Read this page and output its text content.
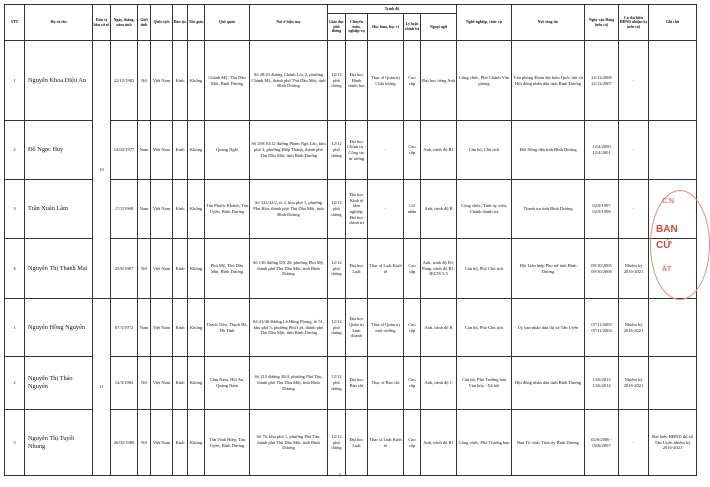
STT	Họ và tên	Đơn vị bầu cử số	Ngày, tháng, năm sinh	Giới tính	Quốc tịch	Dân tộc	Tôn giáo	Quê quán	Nơi ở hiện nay	Trình độ					Nghề nghiệp, chức vụ	Nơi công tác	Ngày vào Đảng (nếu có)	Là đại biểu HĐND nhiệm kỳ (nếu có)	Ghi chú
										Giáo dục phổ thông	Chuyên môn, nghiệp vụ	Học hàm, học vị	Lý luận chính trị	Ngoại ngữ					
1	Nguyễn Khoa Diệu An	10	22/12/1982	Nữ	Việt Nam	Kinh	Không	Chánh Mỹ, Thủ Dầu Một, Bình Dương	Số 28/43 đường Chánh Lộc 2, phường Chánh Mỹ, thành phố Thủ Dầu Một, tỉnh Bình Dương	12/12 phổ thông	Đại học Hành chính học	Thạc sĩ Quản trị Chất lượng	Cao cấp	Đại học tiếng Anh	Công chức, Phó Chánh Văn phòng	Văn phòng Đoàn đại biểu Quốc hội và Hội đồng nhân dân tỉnh Bình Dương	22/12/2006 22/12/2007	-	
2	Đỗ Ngọc Huy		14/02/1977	Nam	Việt Nam	Kinh	Không	Quảng Ngãi	Số 269/10/12 đường Phạm Ngũ Lão, khu phố 3, phường Hiệp Thành, thành phố Thủ Dầu Một, tỉnh Bình Dương	12/12 phổ thông	Đại học Chính trị - Công tác tư tưởng	-	Cao cấp	Anh, trình độ B1	Cán bộ, Chủ tịch	Hội Nông dân tỉnh Bình Dương	12/4/2000 12/4/2001	-	
3	Trần Xuân Lâm		17/2/1968	Nam	Việt Nam	Kinh	Không	Tân Phước Khánh, Tân Uyên, Bình Dương	Số 322/42/2, tổ 2, khu phố 1, phường Phú Hòa, thành phố Thủ Dầu Một, tỉnh Bình Dương	12/12 phổ thông	Đại học Kinh tế lâm nghiệp; Đại học chính trị	-	Cử nhân	Anh, trình độ B	Công chức, Tỉnh ủy viên, Chánh thanh tra	Thanh tra tỉnh Bình Dương	02/9/1997 02/9/1998	-	
4	Nguyễn Thị Thanh Mai		25/6/1987	Nữ	Việt Nam	Kinh	Không	Phú Mỹ, Thủ Dầu Một, Bình Dương	Số 136 đường DX 26, phường Phú Mỹ, thành phố Thủ Dầu Một, tỉnh Bình Dương	12/12 phổ thông	Đại học Luật	Thạc sĩ Luật Kinh tế	Cao cấp	Anh, trình độ B1; Pháp, trình độ B1; IELTS 5.5	Cán bộ, Phó Chủ tịch	Hội Liên hiệp Phụ nữ tỉnh Bình Dương	09/10/2005 09/10/2006	Nhiệm kỳ 2016-2021	
1	Nguyễn Hồng Nguyên	11	07/3/1972	Nam	Việt Nam	Kinh	Không	Thạch Tiến, Thạch Hà, Hà Tĩnh	Số 41/46 đường Lê Hồng Phong, tổ 51, khu phố 5, phường Phú Lợi, thành phố Thủ Dầu Một, tỉnh Bình Dương	12/12 phổ thông	Đại học Quản trị kinh doanh	Thạc sĩ Quản trị môi trường	Cao cấp	Anh, trình độ B	Cán bộ, Phó Chủ tịch	Ủy ban nhân dân thị xã Tân Uyên	07/11/2003 07/11/2004	Nhiệm kỳ 2016-2021	
2	Nguyễn Thị Thảo Nguyên		12/3/1982	Nữ	Việt Nam	Kinh	Không	Cẩm Nam, Hội An, Quảng Nam	Số 215 đường 30/4, phường Phú Thọ, thành phố Thủ Dầu Một, tỉnh Bình Dương	12/12 phổ thông	Đại học Báo chí	Thạc sĩ Báo chí	Cao cấp	Anh, trình độ C	Cán bộ, Phó Trưởng ban Văn hóa - Xã hội	Hội đồng nhân dân tỉnh Bình Dương	13/6/2013 13/6/2014	Nhiệm kỳ 2016-2021	
3	Nguyễn Thị Tuyết Nhung		26/02/1980	Nữ	Việt Nam	Kinh	Không	Tân Vĩnh Hiệp, Tân Uyên, Bình Dương	Số 76, khu phố 1, phường Phú Tân, thành phố Thủ Dầu Một, tỉnh Bình Dương	12/12 phổ thông	Đại học Luật	Thạc sĩ Luật Kinh tế	Cao cấp	Anh, trình độ B1	Công chức, Phó Trưởng ban	Ban Tổ chức Tỉnh ủy Bình Dương	02/6/2006 - 02/6/2007	-	Đại biểu HĐND thị xã Tân Uyên nhiệm kỳ 2016-2021
7
C.N
BAN
CỬ
ẤT
